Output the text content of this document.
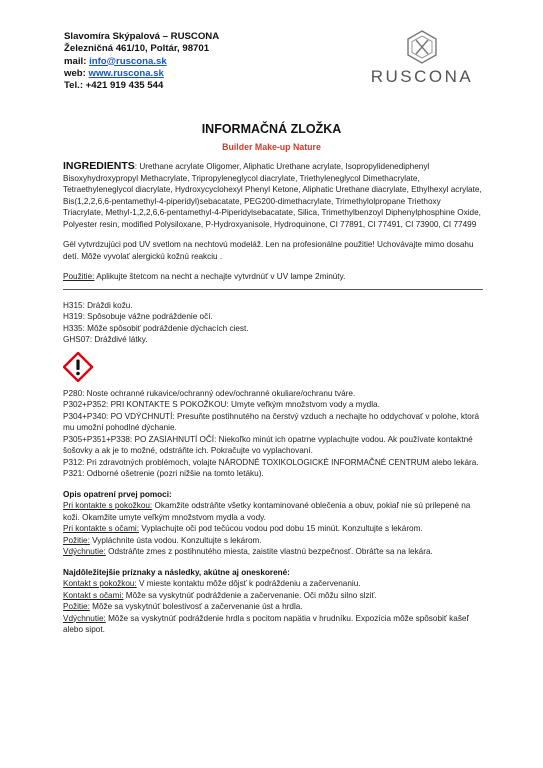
Slavomíra Skýpalová – RUSCONA
Železničná 461/10, Poltár, 98701
mail: info@ruscona.sk
web: www.ruscona.sk
Tel.: +421 919 435 544	RUSCONA
INFORMAČNÁ ZLOŽKA
Builder Make-up Nature

INGREDIENTS: Urethane acrylate Oligomer, Aliphatic Urethane acrylate, Isopropylidenediphenyl Bisoxyhydroxypropyl Methacrylate, Tripropyleneglycol diacrylate, Triethyleneglycol Dimethacrylate, Tetraethyleneglycol diacrylate, Hydroxycyclohexyl Phenyl Ketone, Aliphatic Urethane diacrylate, Ethylhexyl acrylate, Bis(1,2,2,6,6-pentamethyl-4-piperidyl)sebacatate, PEG200-dimethacrylate, Trimethylolpropane Triethoxy Triacrylate, Methyl-1,2,2,6,6-pentamethyl-4-Piperidylsebacatate, Silica, Trimethylbenzoyl Diphenylphosphine Oxide, Polyester resin, modified Polysiloxane, P-Hydroxyanisole, Hydroquinone, CI 77891, CI 77491, CI 73900, CI 77499

Gél vytvrdzujúci pod UV svetlom na nechtovú modeláž. Len na profesionálne použitie! Uchovávajte mimo dosahu detí. Môže vyvolať alergickú kožnú reakciu .

Použitie: Aplikujte štetcom na necht a nechajte vytvrdnúť v UV lampe 2minúty.

H315: Dráždi kožu.

H319: Spôsobuje vážne podráždenie očí.

H335: Môže spôsobiť podráždenie dýchacích ciest.

GHS07: Dráždivé látky.

P280: Noste ochranné rukavice/ochranný odev/ochranné okuliare/ochranu tváre.

P302+P352: PRI KONTAKTE S POKOŽKOU: Umyte veľkým množstvom vody a mydla.

P304+P340: PO VDÝCHNUTÍ: Presuňte postihnutého na čerstvý vzduch a nechajte ho oddychovať v polohe, ktorá mu umožní pohodlné dýchanie.

P305+P351+P338: PO ZASIAHNUTÍ OČÍ: Niekoľko minút ich opatrne vyplachujte vodou. Ak používate kontaktné šošovky a ak je to možné, odstráňte ich. Pokračujte vo vyplachovaní.

P312: Pri zdravotných problémoch, volajte NÁRODNÉ TOXIKOLOGICKÉ INFORMAČNÉ CENTRUM alebo lekára.

P321: Odborné ošetrenie (pozri nižšie na tomto letáku).

Opis opatrení prvej pomoci:

Pri kontakte s pokožkou: Okamžite odstráňte všetky kontaminované oblečenia a obuv, pokiaľ nie sú prilepené na koži. Okamžite umyte veľkým množstvom mydla a vody.

Pri kontakte s očami: Vyplachujte oči pod tečúcou vodou pod dobu 15 minút. Konzultujte s lekárom.

Požitie: Vypláchnite ústa vodou. Konzultujte s lekárom.

Vdýchnutie: Odstráňte zmes z postihnutého miesta, zaistite vlastnú bezpečnosť. Obráťte sa na lekára.

Najdôležitejšie príznaky a následky, akútne aj oneskorené:

Kontakt s pokožkou: V mieste kontaktu môže dôjsť k podráždeniu a začervenaniu.

Kontakt s očami: Môže sa vyskytnúť podráždenie a začervenanie. Oči môžu silno slziť.

Požitie: Môže sa vyskytnúť bolestivosť a začervenanie úst a hrdla.

Vdýchnutie: Môže sa vyskytnúť podráždenie hrdla s pocitom napätia v hrudníku. Expozícia môže spôsobiť kašeľ alebo sipot.
